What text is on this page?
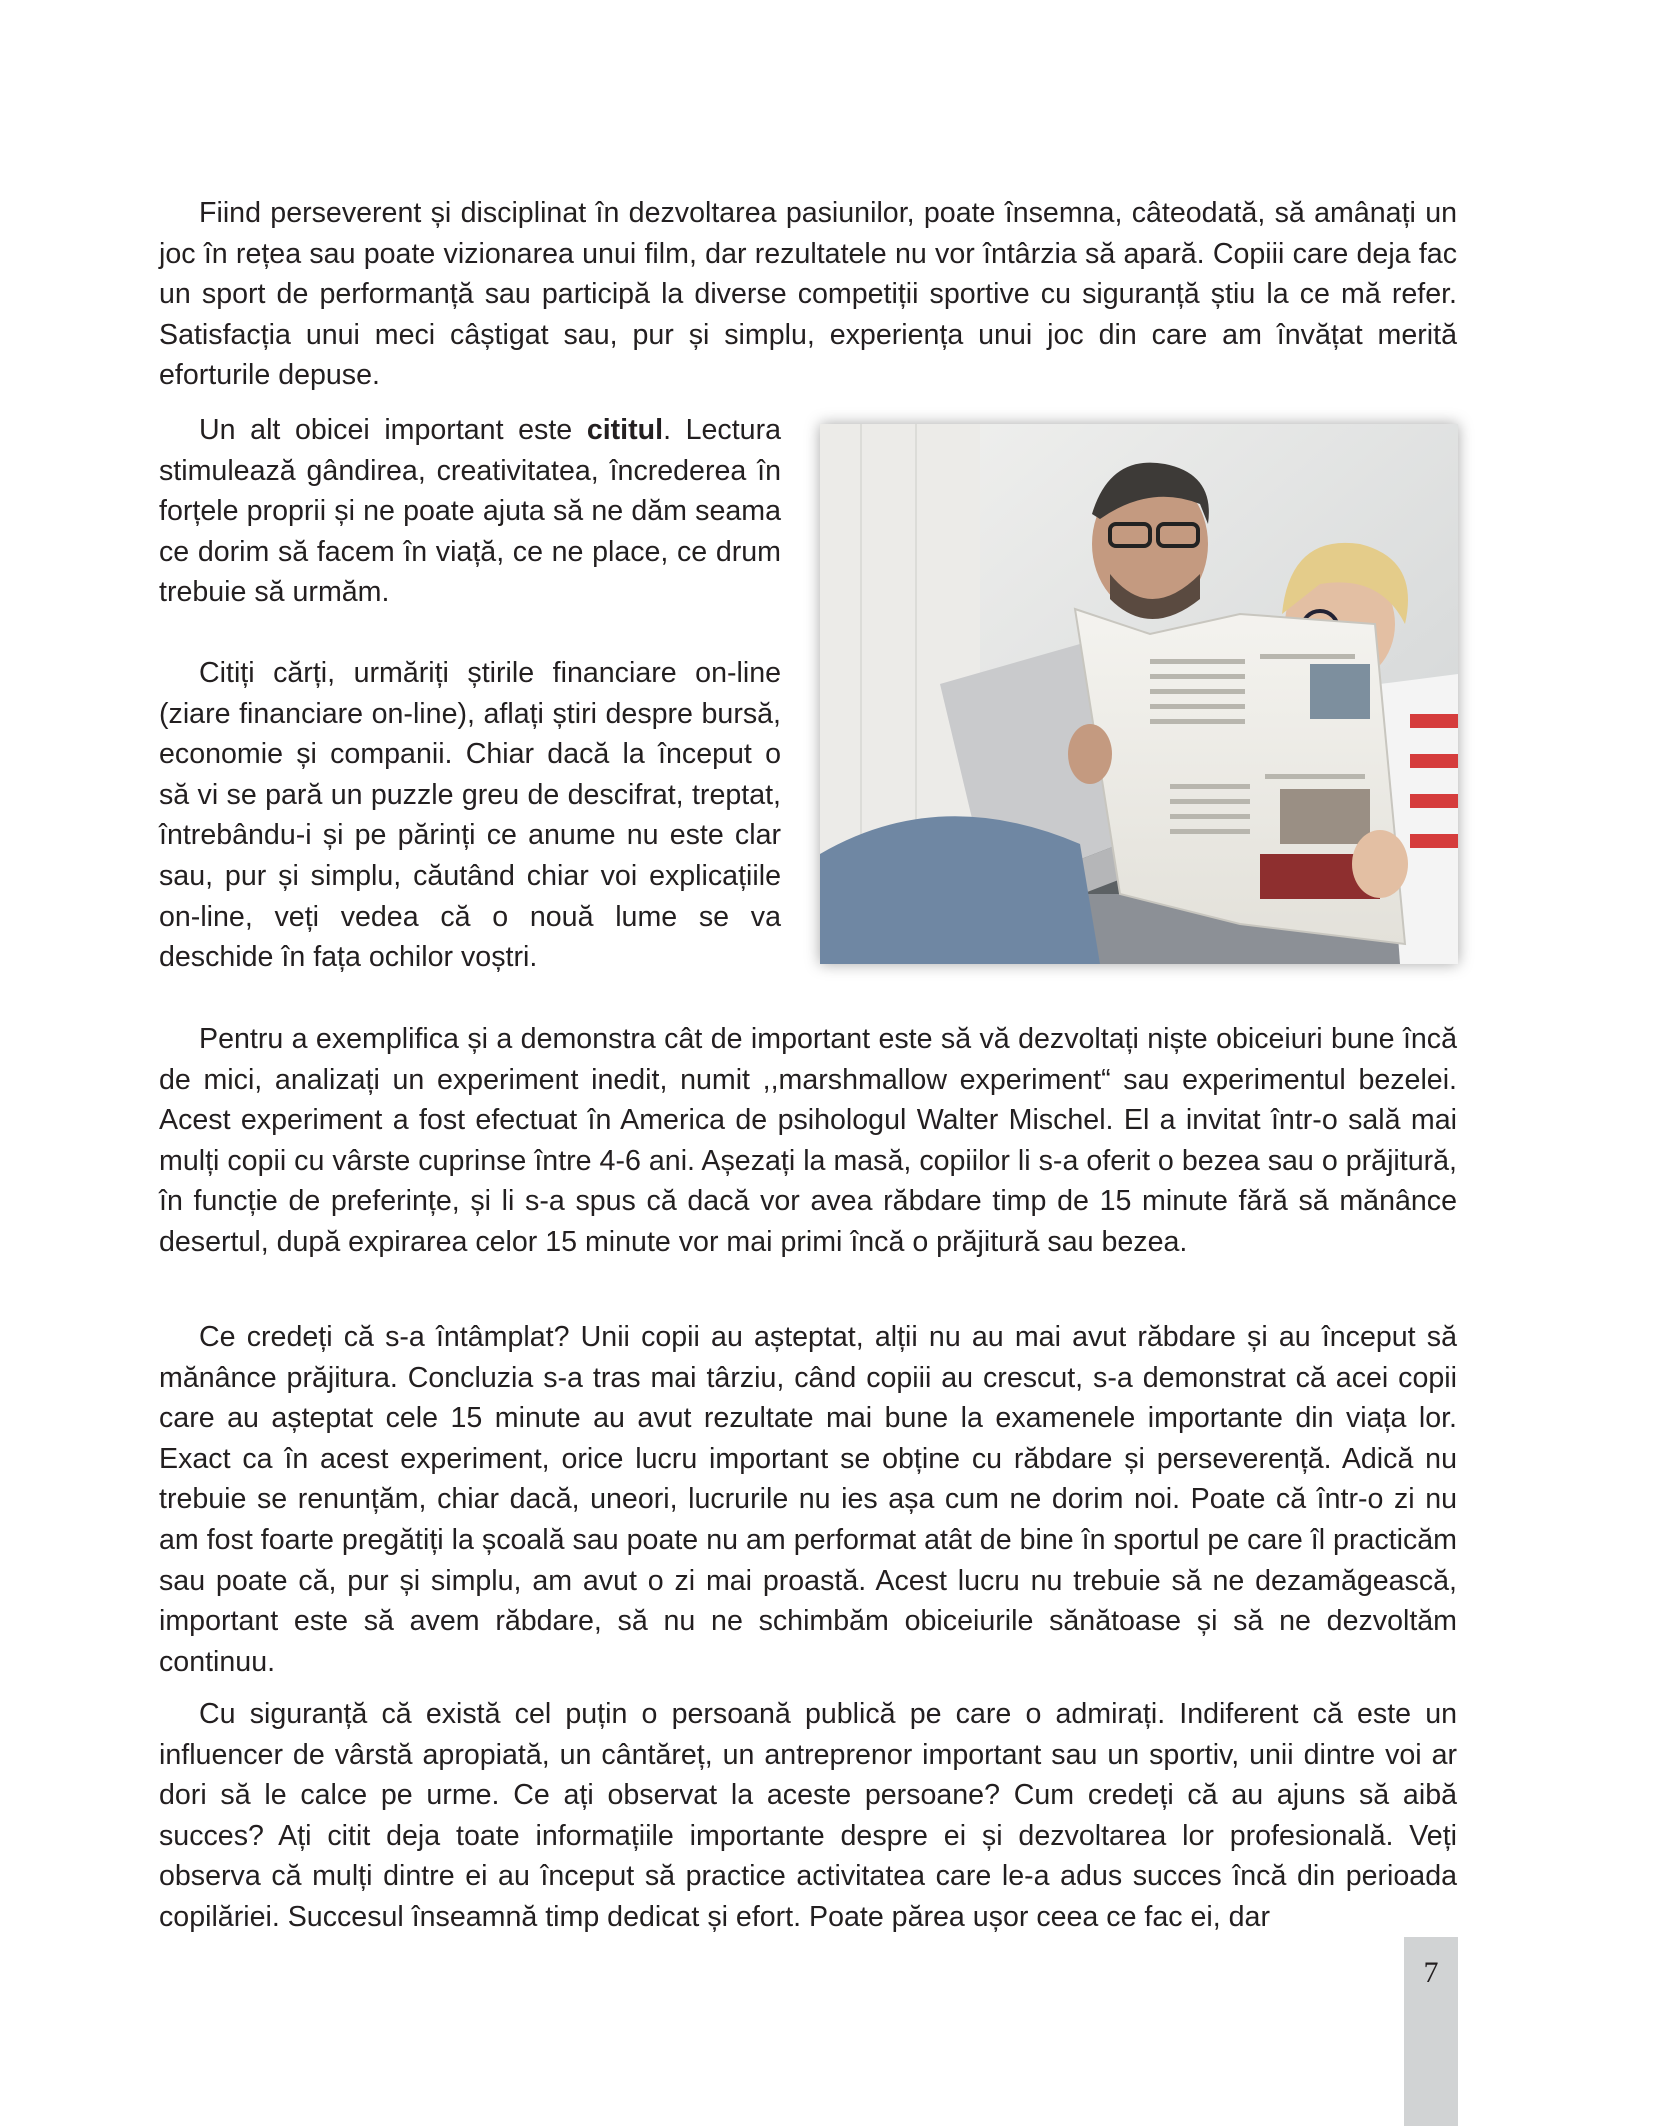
Fiind perseverent și disciplinat în dezvoltarea pasiunilor, poate însemna, câteodată, să amânați un joc în rețea sau poate vizionarea unui film, dar rezultatele nu vor întârzia să apară. Copiii care deja fac un sport de performanță sau participă la diverse competiții sportive cu siguranță știu la ce mă refer. Satisfacția unui meci câștigat sau, pur și simplu, experiența unui joc din care am învățat merită eforturile depuse.

Un alt obicei important este cititul. Lectura stimulează gândirea, creativitatea, încrederea în forțele proprii și ne poate ajuta să ne dăm seama ce dorim să facem în viață, ce ne place, ce drum trebuie să urmăm.

Citiți cărți, urmăriți știrile financiare on-line (ziare financiare on-line), aflați știri despre bursă, economie și companii. Chiar dacă la început o să vi se pară un puzzle greu de descifrat, treptat, întrebându-i și pe părinți ce anume nu este clar sau, pur și simplu, căutând chiar voi explicațiile on-line, veți vedea că o nouă lume se va deschide în fața ochilor voștri.

Pentru a exemplifica și a demonstra cât de important este să vă dezvoltați niște obiceiuri bune încă de mici, analizați un experiment inedit, numit ,,marshmallow experiment“ sau experimentul bezelei. Acest experiment a fost efectuat în America de psihologul Walter Mischel. El a invitat într-o sală mai mulți copii cu vârste cuprinse între 4-6 ani. Așezați la masă, copiilor li s-a oferit o bezea sau o prăjitură, în funcție de preferințe, și li s-a spus că dacă vor avea răbdare timp de 15 minute fără să mănânce desertul, după expirarea celor 15 minute vor mai primi încă o prăjitură sau bezea.

Ce credeți că s-a întâmplat? Unii copii au așteptat, alții nu au mai avut răbdare și au început să mănânce prăjitura. Concluzia s-a tras mai târziu, când copiii au crescut, s-a demonstrat că acei copii care au așteptat cele 15 minute au avut rezultate mai bune la examenele importante din viața lor. Exact ca în acest experiment, orice lucru important se obține cu răbdare și perseverență. Adică nu trebuie se renunțăm, chiar dacă, uneori, lucrurile nu ies așa cum ne dorim noi. Poate că într-o zi nu am fost foarte pregătiți la școală sau poate nu am performat atât de bine în sportul pe care îl practicăm sau poate că, pur și simplu, am avut o zi mai proastă. Acest lucru nu trebuie să ne dezamăgească, important este să avem răbdare, să nu ne schimbăm obiceiurile sănătoase și să ne dezvoltăm continuu.

Cu siguranță că există cel puțin o persoană publică pe care o admirați. Indiferent că este un influencer de vârstă apropiată, un cântăreț, un antreprenor important sau un sportiv, unii dintre voi ar dori să le calce pe urme. Ce ați observat la aceste persoane? Cum credeți că au ajuns să aibă succes? Ați citit deja toate informațiile importante despre ei și dezvoltarea lor profesională. Veți observa că mulți dintre ei au început să practice activitatea care le-a adus succes încă din perioada copilăriei. Succesul înseamnă timp dedicat și efort. Poate părea ușor ceea ce fac ei, dar

7
